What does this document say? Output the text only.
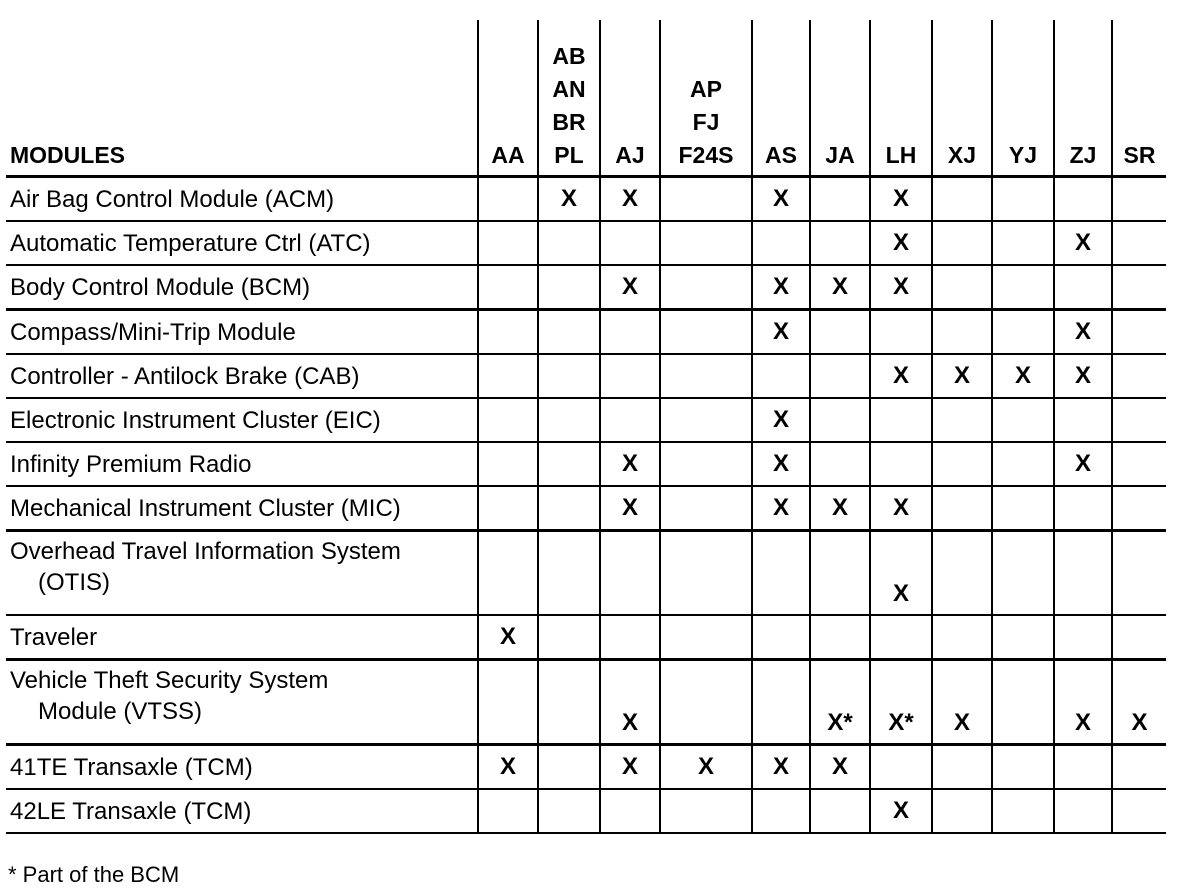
MODULES	AA	AB
AN
BR
PL	AJ	AP
FJ
F24S	AS	JA	LH	XJ	YJ	ZJ	SR

Air Bag Control Module (ACM)		X	X		X		X				

Automatic Temperature Ctrl (ATC)							X			X	

Body Control Module (BCM)			X		X	X	X				

Compass/Mini-Trip Module					X					X	

Controller - Antilock Brake (CAB)							X	X	X	X	

Electronic Instrument Cluster (EIC)					X						

Infinity Premium Radio			X		X					X	

Mechanical Instrument Cluster (MIC)			X		X	X	X				

Overhead Travel Information System
(OTIS)							X				

Traveler	X										

Vehicle Theft Security System
Module (VTSS)			X			X*	X*	X		X	X

41TE Transaxle (TCM)	X		X	X	X	X					

42LE Transaxle (TCM)							X				
* Part of the BCM
